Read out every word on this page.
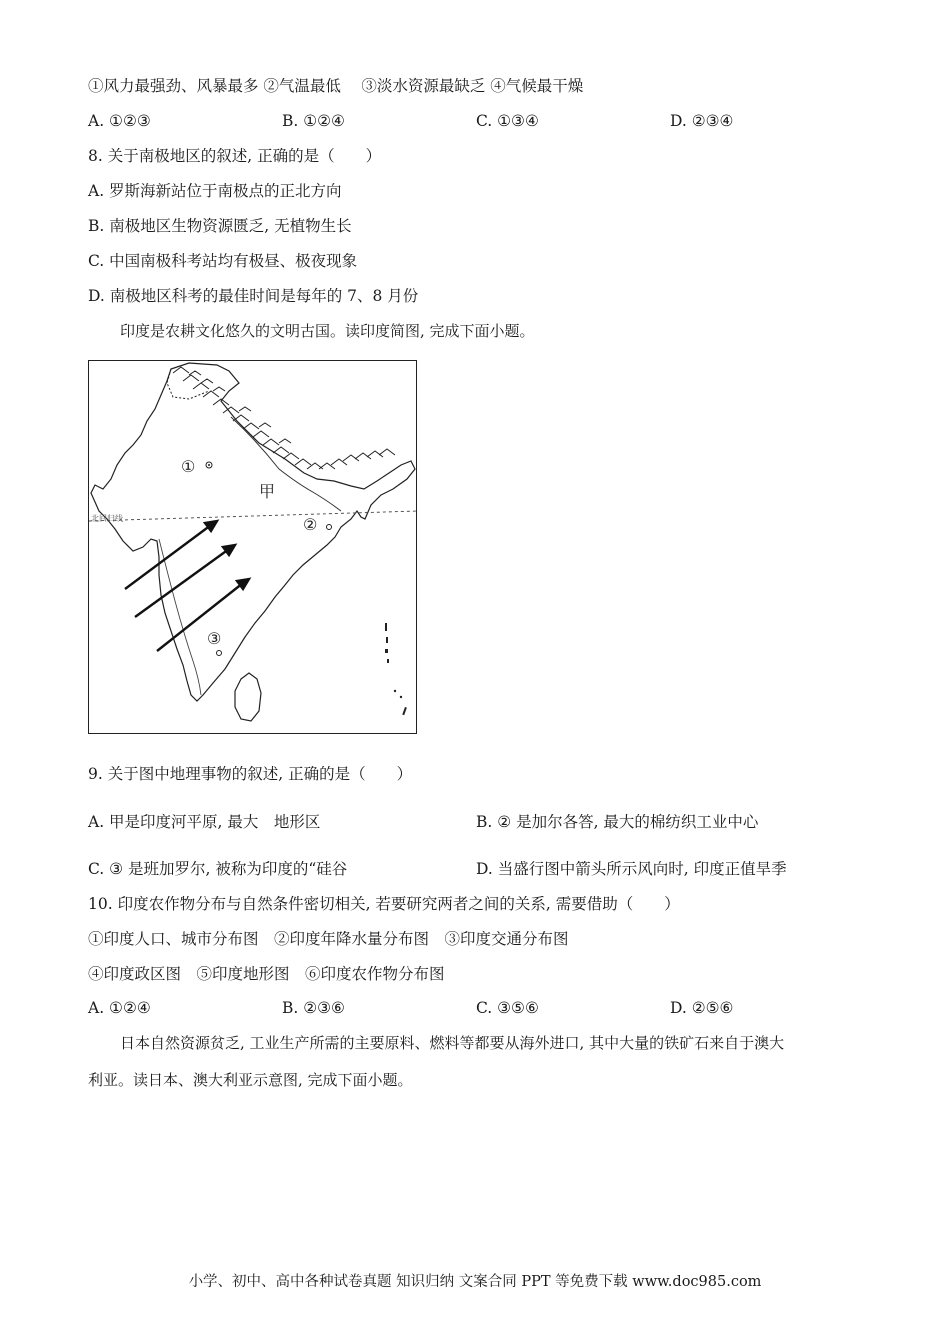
①风力最强劲、风暴最多 ②气温最低　 ③淡水资源最缺乏 ④气候最干燥
A. ①②③	B. ①②④	C. ①③④	D. ②③④
8. 关于南极地区的叙述, 正确的是（　　）
A. 罗斯海新站位于南极点的正北方向
B. 南极地区生物资源匮乏, 无植物生长
C. 中国南极科考站均有极昼、极夜现象
D. 南极地区科考的最佳时间是每年的 7、8 月份
印度是农耕文化悠久的文明古国。读印度简图, 完成下面小题。
①
②
③
甲
北回归线
9. 关于图中地理事物的叙述, 正确的是（　　）
A. 甲是印度河平原, 最大　地形区	B. ② 是加尔各答, 最大的棉纺织工业中心
C. ③ 是班加罗尔, 被称为印度的“硅谷	D. 当盛行图中箭头所示风向时, 印度正值旱季
10. 印度农作物分布与自然条件密切相关, 若要研究两者之间的关系, 需要借助（　　）
①印度人口、城市分布图　②印度年降水量分布图　③印度交通分布图
④印度政区图　⑤印度地形图　⑥印度农作物分布图
A. ①②④	B. ②③⑥	C. ③⑤⑥	D. ②⑤⑥
日本自然资源贫乏, 工业生产所需的主要原料、燃料等都要从海外进口, 其中大量的铁矿石来自于澳大
利亚。读日本、澳大利亚示意图, 完成下面小题。
小学、初中、高中各种试卷真题 知识归纳 文案合同 PPT 等免费下载 www.doc985.com
